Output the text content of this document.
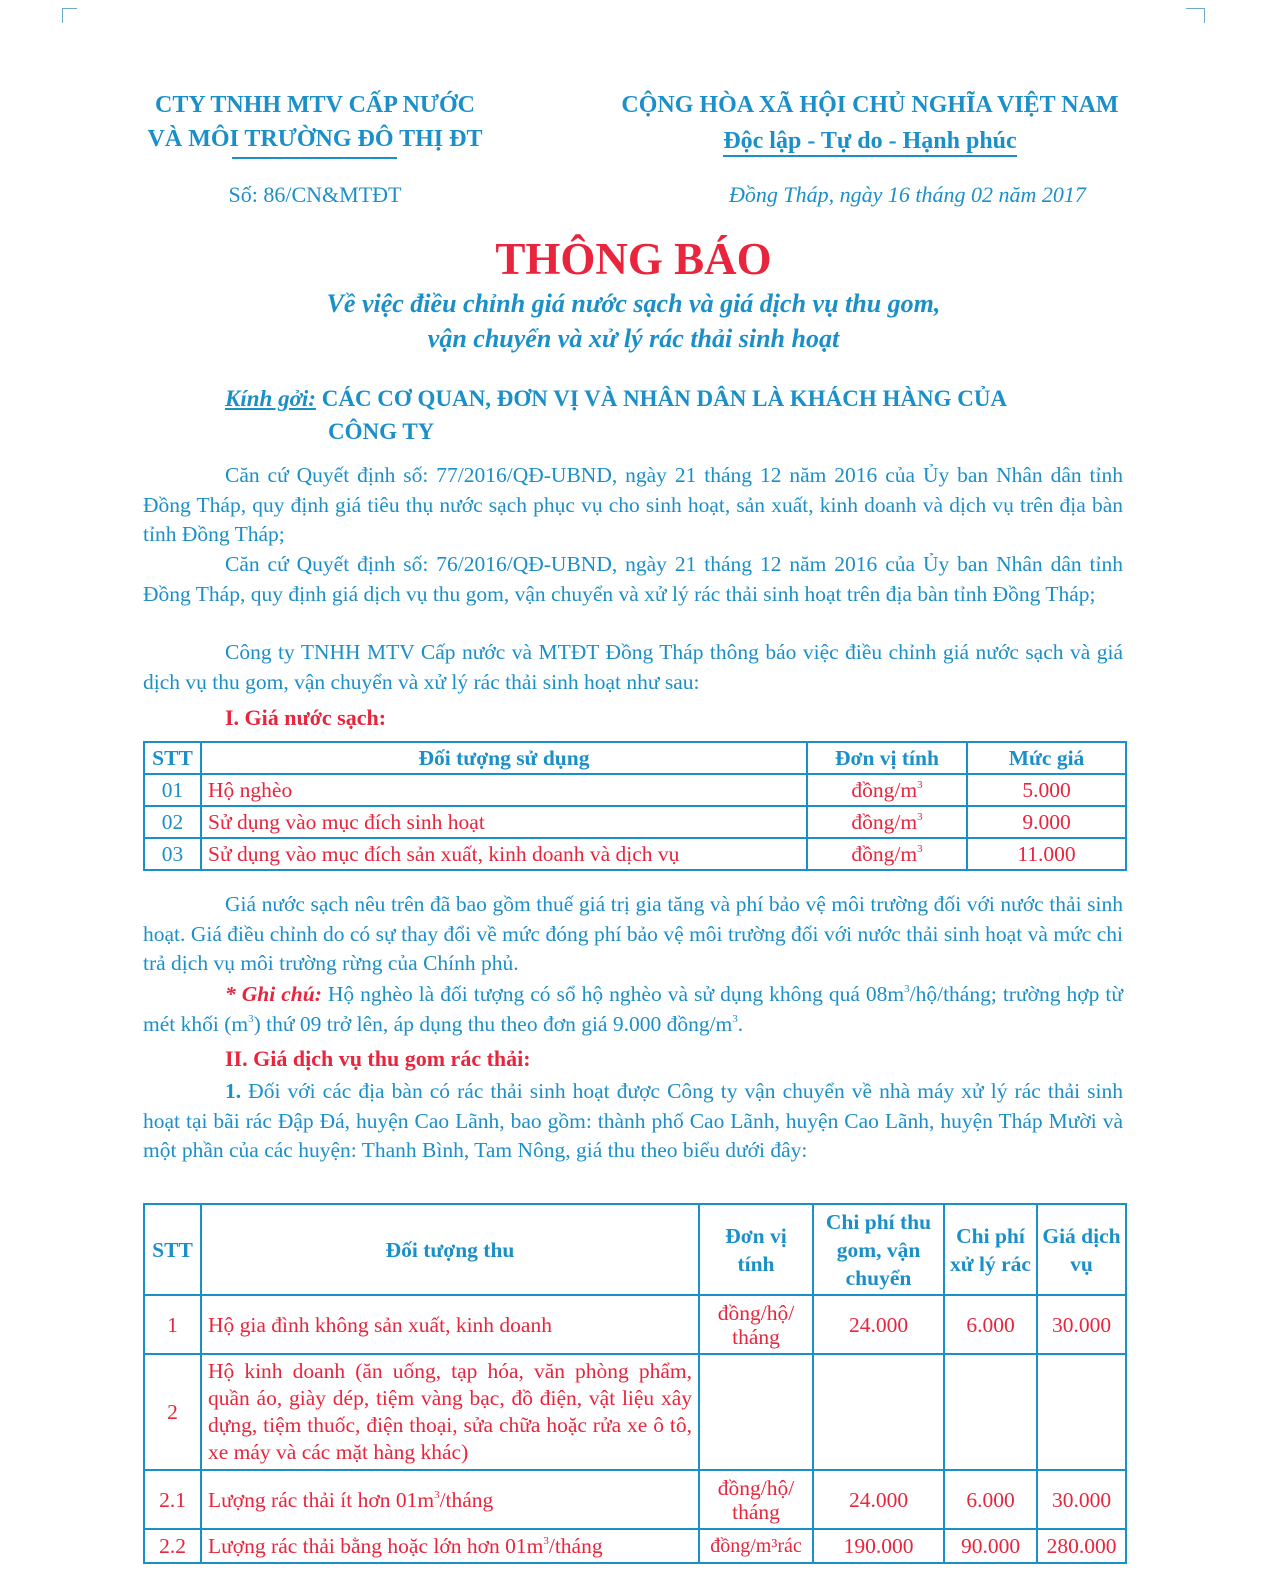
CTY TNHH MTV CẤP NƯỚC
VÀ MÔI TRƯỜNG ĐÔ THỊ ĐT
Số: 86/CN&MTĐT
CỘNG HÒA XÃ HỘI CHỦ NGHĨA VIỆT NAM
Độc lập - Tự do - Hạnh phúc
Đồng Tháp, ngày 16 tháng 02 năm 2017
THÔNG BÁO
Về việc điều chỉnh giá nước sạch và giá dịch vụ thu gom,
vận chuyển và xử lý rác thải sinh hoạt
Kính gởi: CÁC CƠ QUAN, ĐƠN VỊ VÀ NHÂN DÂN LÀ KHÁCH HÀNG CỦA
CÔNG TY
Căn cứ Quyết định số: 77/2016/QĐ-UBND, ngày 21 tháng 12 năm 2016 của Ủy ban Nhân dân tỉnh Đồng Tháp, quy định giá tiêu thụ nước sạch phục vụ cho sinh hoạt, sản xuất, kinh doanh và dịch vụ trên địa bàn tỉnh Đồng Tháp;
Căn cứ Quyết định số: 76/2016/QĐ-UBND, ngày 21 tháng 12 năm 2016 của Ủy ban Nhân dân tỉnh Đồng Tháp, quy định giá dịch vụ thu gom, vận chuyển và xử lý rác thải sinh hoạt trên địa bàn tỉnh Đồng Tháp;
Công ty TNHH MTV Cấp nước và MTĐT Đồng Tháp thông báo việc điều chỉnh giá nước sạch và giá dịch vụ thu gom, vận chuyển và xử lý rác thải sinh hoạt như sau:
I. Giá nước sạch:
STT	Đối tượng sử dụng	Đơn vị tính	Mức giá
01	Hộ nghèo	đồng/$m^3$	5.000
02	Sử dụng vào mục đích sinh hoạt	đồng/$m^3$	9.000
03	Sử dụng vào mục đích sản xuất, kinh doanh và dịch vụ	đồng/$m^3$	11.000
Giá nước sạch nêu trên đã bao gồm thuế giá trị gia tăng và phí bảo vệ môi trường đối với nước thải sinh hoạt. Giá điều chỉnh do có sự thay đổi về mức đóng phí bảo vệ môi trường đối với nước thải sinh hoạt và mức chi trả dịch vụ môi trường rừng của Chính phủ.
* Ghi chú: Hộ nghèo là đối tượng có sổ hộ nghèo và sử dụng không quá $08m^3/hộ$/tháng; trường hợp từ mét khối $(m^3)$ thứ 09 trở lên, áp dụng thu theo đơn giá 9.000 đồng/$m^3$.
II. Giá dịch vụ thu gom rác thải:
1. Đối với các địa bàn có rác thải sinh hoạt được Công ty vận chuyển về nhà máy xử lý rác thải sinh hoạt tại bãi rác Đập Đá, huyện Cao Lãnh, bao gồm: thành phố Cao Lãnh, huyện Cao Lãnh, huyện Tháp Mười và một phần của các huyện: Thanh Bình, Tam Nông, giá thu theo biểu dưới đây:
STT	Đối tượng thu	Đơn vị tính	Chi phí thu gom, vận chuyển	Chi phí xử lý rác	Giá dịch vụ
1	Hộ gia đình không sản xuất, kinh doanh	đồng/hộ/ tháng	24.000	6.000	30.000
2	Hộ kinh doanh (ăn uống, tạp hóa, văn phòng phẩm, quần áo, giày dép, tiệm vàng bạc, đồ điện, vật liệu xây dựng, tiệm thuốc, điện thoại, sửa chữa hoặc rửa xe ô tô, xe máy và các mặt hàng khác)				
2.1	Lượng rác thải ít hơn $01m^3$/tháng	đồng/hộ/ tháng	24.000	6.000	30.000
2.2	Lượng rác thải bằng hoặc lớn hơn $01m^3$/tháng	đồng/m³rác	190.000	90.000	280.000
